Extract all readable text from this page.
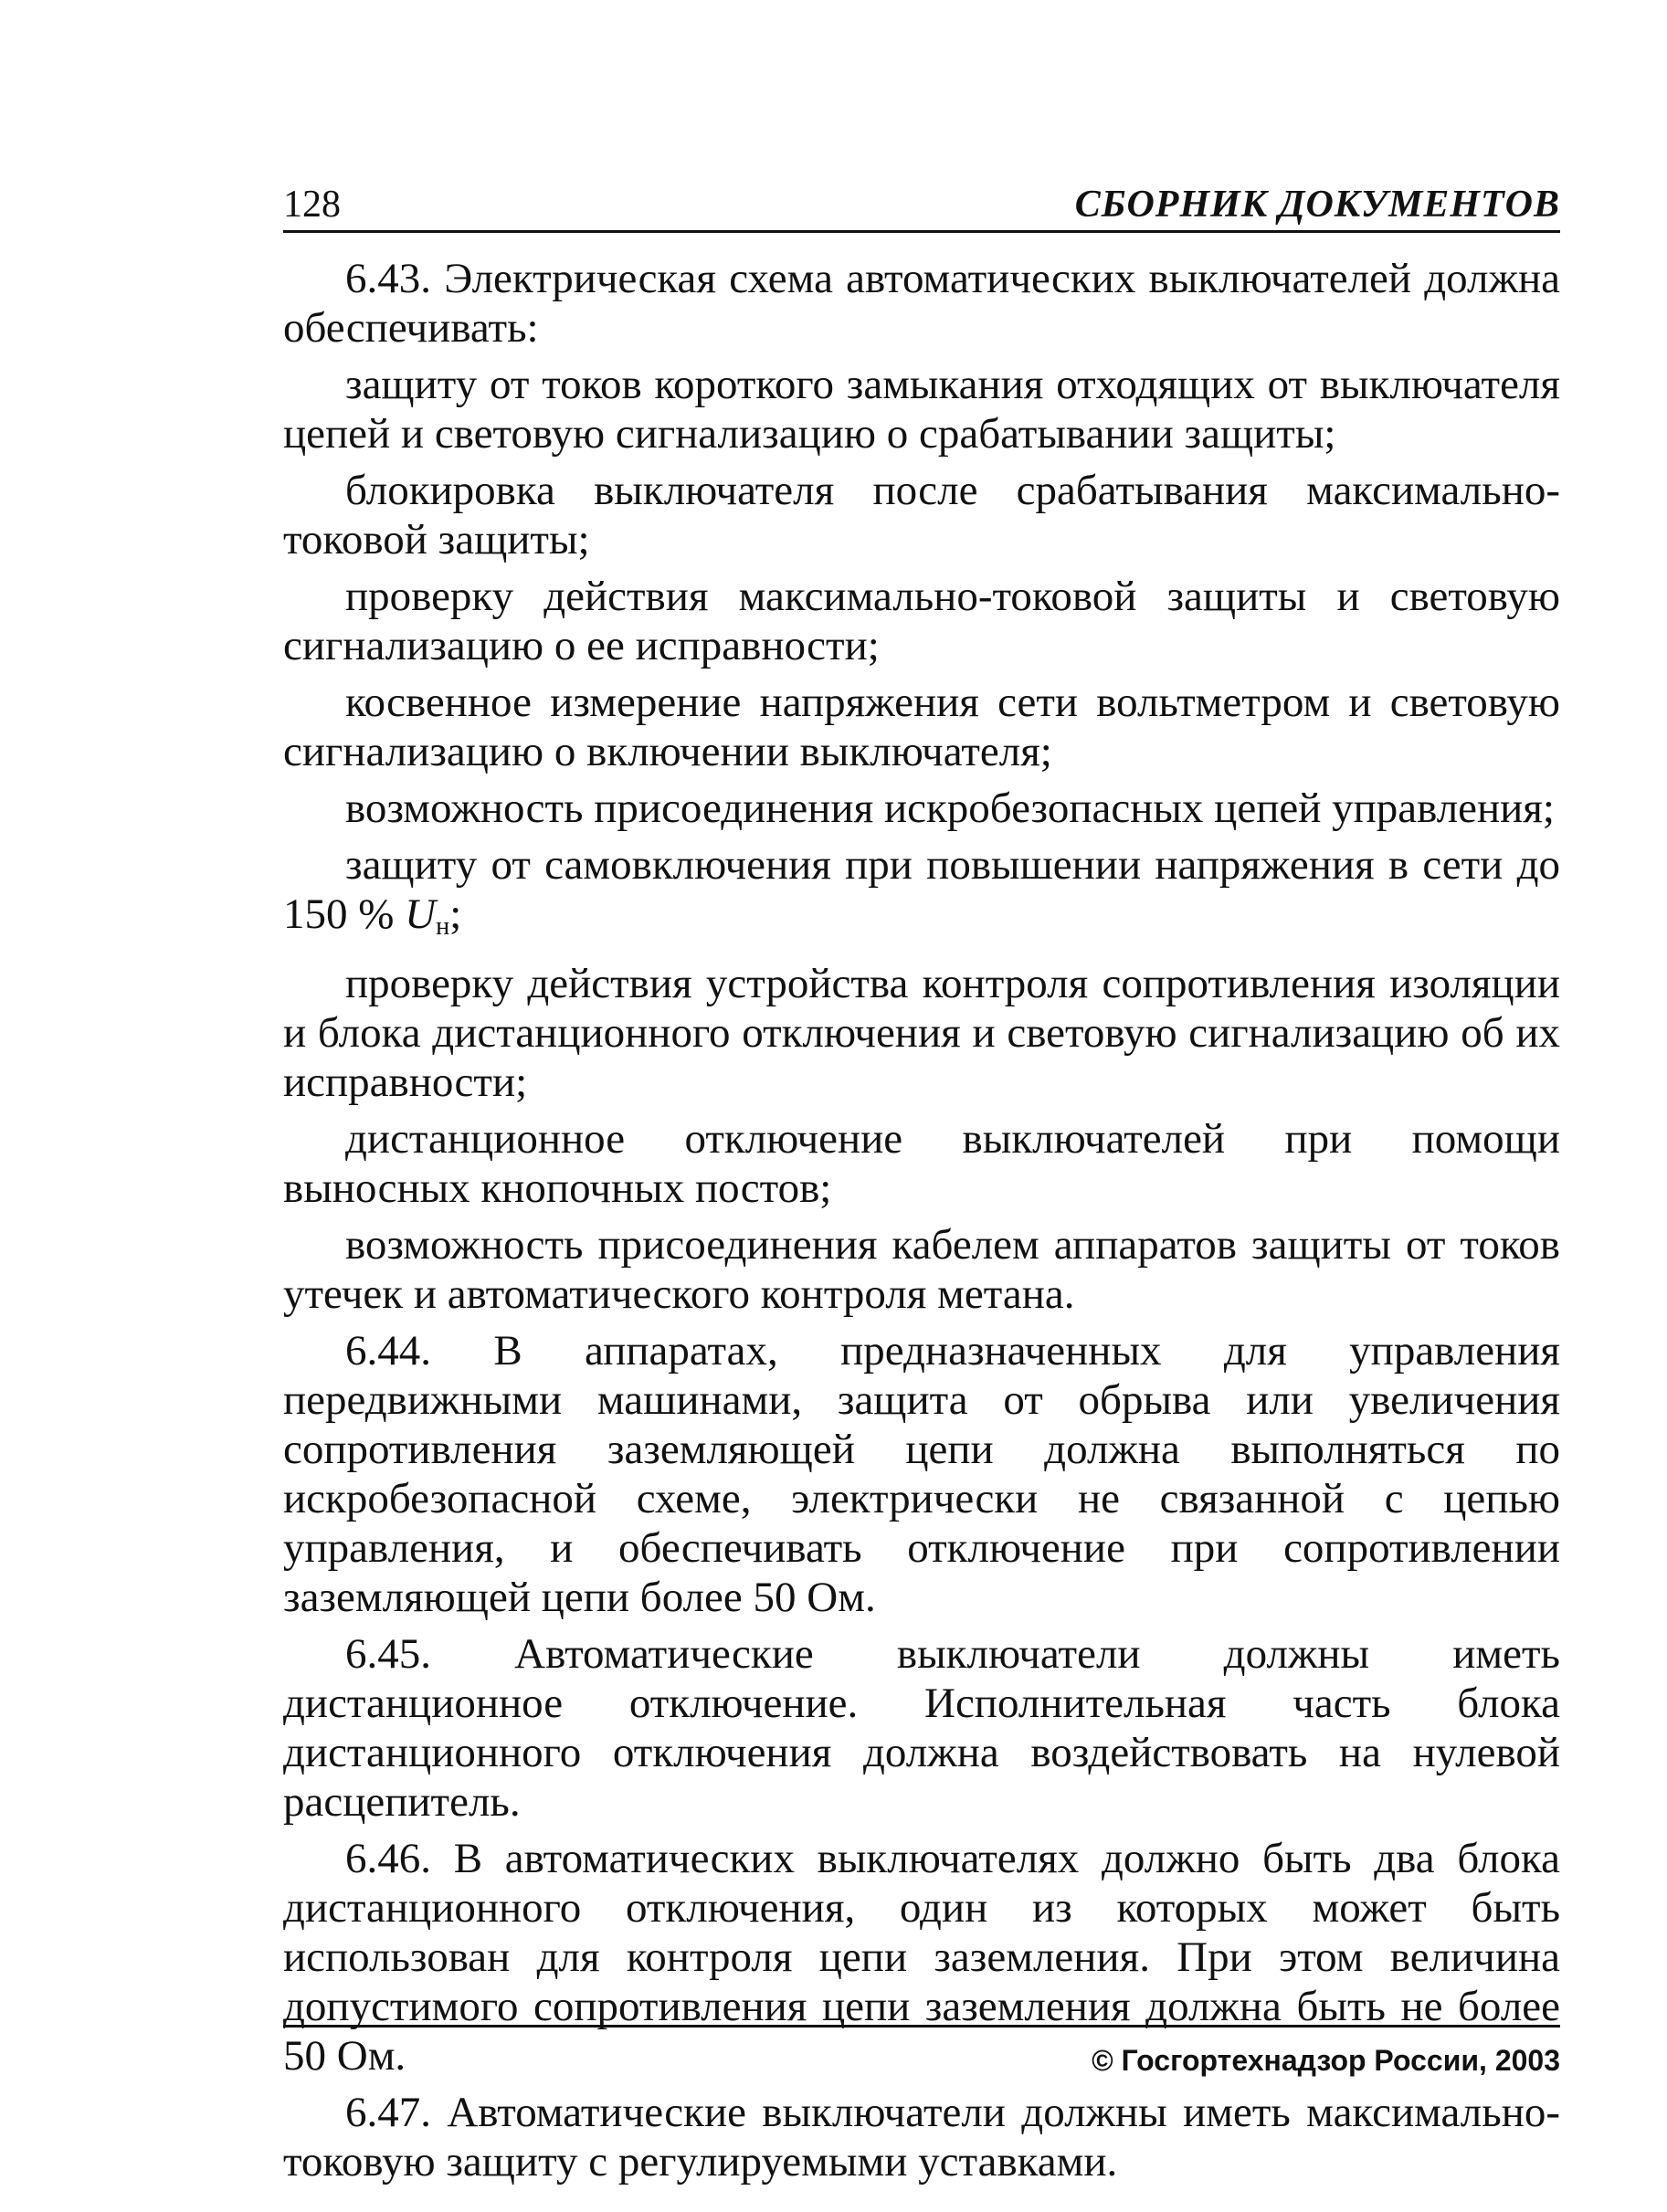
128	СБОРНИК ДОКУМЕНТОВ

6.43. Электрическая схема автоматических выключателей должна обеспечивать:

защиту от токов короткого замыкания отходящих от выключателя цепей и световую сигнализацию о срабатывании защиты;

блокировка выключателя после срабатывания максимально-токовой защиты;

проверку действия максимально-токовой защиты и световую сигнализацию о ее исправности;

косвенное измерение напряжения сети вольтметром и световую сигнализацию о включении выключателя;

возможность присоединения искробезопасных цепей управления;

защиту от самовключения при повышении напряжения в сети до 150 % $U_н$;

проверку действия устройства контроля сопротивления изоляции и блока дистанционного отключения и световую сигнализацию об их исправности;

дистанционное отключение выключателей при помощи выносных кнопочных постов;

возможность присоединения кабелем аппаратов защиты от токов утечек и автоматического контроля метана.

6.44. В аппаратах, предназначенных для управления передвижными машинами, защита от обрыва или увеличения сопротивления заземляющей цепи должна выполняться по искробезопасной схеме, электрически не связанной с цепью управления, и обеспечивать отключение при сопротивлении заземляющей цепи более 50 Ом.

6.45. Автоматические выключатели должны иметь дистанционное отключение. Исполнительная часть блока дистанционного отключения должна воздействовать на нулевой расцепитель.

6.46. В автоматических выключателях должно быть два блока дистанционного отключения, один из которых может быть использован для контроля цепи заземления. При этом величина допустимого сопротивления цепи заземления должна быть не более 50 Ом.

6.47. Автоматические выключатели должны иметь максимально-токовую защиту с регулируемыми уставками.

© Госгортехнадзор России, 2003
